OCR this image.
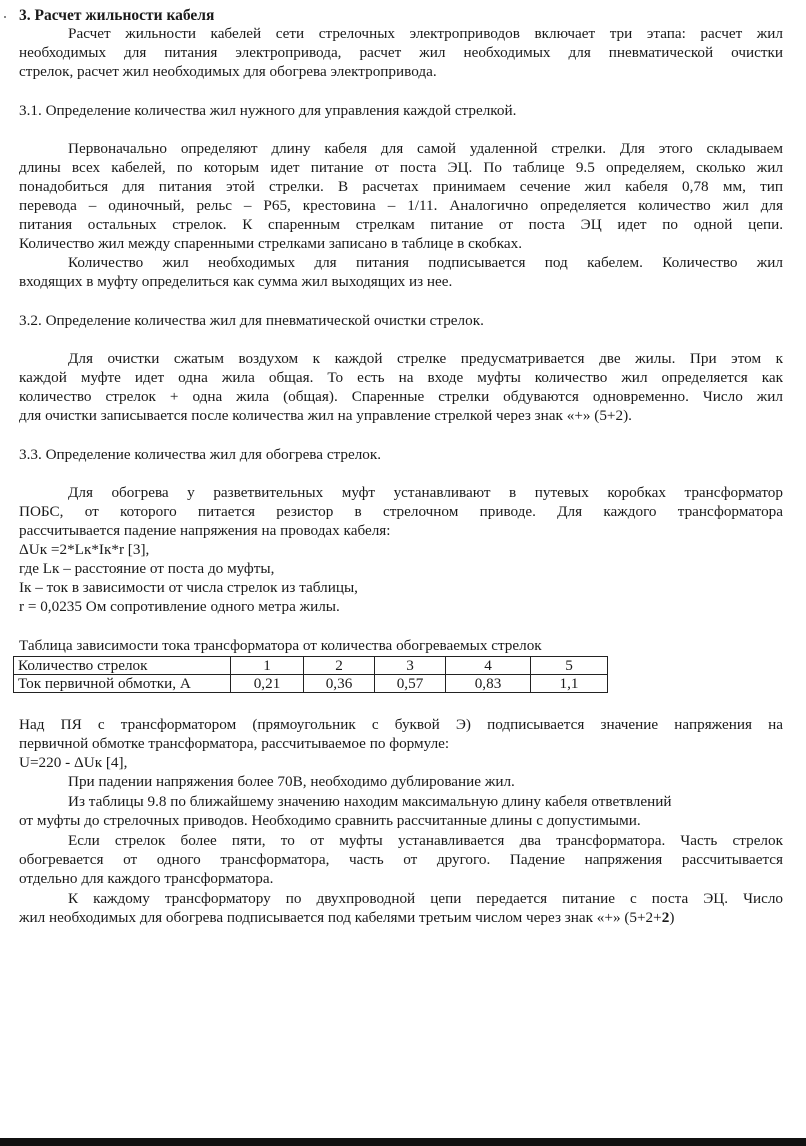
3. Расчет жильности кабеля
Расчет жильности кабелей сети стрелочных электроприводов включает три этапа: расчет жил
необходимых для питания электропривода, расчет жил необходимых для пневматической очистки
стрелок, расчет жил необходимых для обогрева электропривода.
3.1. Определение количества жил нужного для управления каждой стрелкой.
Первоначально определяют длину кабеля для самой удаленной стрелки. Для этого складываем
длины всех кабелей, по которым идет питание от поста ЭЦ. По таблице 9.5 определяем, сколько жил
понадобиться для питания этой стрелки. В расчетах принимаем сечение жил кабеля 0,78 мм, тип
перевода – одиночный, рельс – Р65, крестовина – 1/11. Аналогично определяется количество жил для
питания остальных стрелок. К спаренным стрелкам питание от поста ЭЦ идет по одной цепи.
Количество жил между спаренными стрелками записано в таблице в скобках.
Количество жил необходимых для питания подписывается под кабелем. Количество жил
входящих в муфту определиться как сумма жил выходящих из нее.
3.2. Определение количества жил для пневматической очистки стрелок.
Для очистки сжатым воздухом к каждой стрелке предусматривается две жилы. При этом к
каждой муфте идет одна жила общая. То есть на входе муфты количество жил определяется как
количество стрелок + одна жила (общая). Спаренные стрелки обдуваются одновременно. Число жил
для очистки записывается после количества жил на управление стрелкой через знак «+» (5+2).
3.3. Определение количества жил для обогрева стрелок.
Для обогрева у разветвительных муфт устанавливают в путевых коробках трансформатор
ПОБС, от которого питается резистор в стрелочном приводе. Для каждого трансформатора
рассчитывается падение напряжения на проводах кабеля:
ΔUк =2*Lк*Iк*r [3],
где Lк – расстояние от поста до муфты,
Iк – ток в зависимости от числа стрелок из таблицы,
r = 0,0235 Ом сопротивление одного метра жилы.
Таблица зависимости тока трансформатора от количества обогреваемых стрелок
Количество стрелок	1	2	3	4	5
Ток первичной обмотки, А	0,21	0,36	0,57	0,83	1,1
Над ПЯ с трансформатором (прямоугольник с буквой Э) подписывается значение напряжения на
первичной обмотке трансформатора, рассчитываемое по формуле:
U=220 - ΔUк [4],
При падении напряжения более 70В, необходимо дублирование жил.
Из таблицы 9.8 по ближайшему значению находим максимальную длину кабеля ответвлений
от муфты до стрелочных приводов. Необходимо сравнить рассчитанные длины с допустимыми.
Если стрелок более пяти, то от муфты устанавливается два трансформатора. Часть стрелок
обогревается от одного трансформатора, часть от другого. Падение напряжения рассчитывается
отдельно для каждого трансформатора.
К каждому трансформатору по двухпроводной цепи передается питание с поста ЭЦ. Число
жил необходимых для обогрева подписывается под кабелями третьим числом через знак «+» (5+2+2)
